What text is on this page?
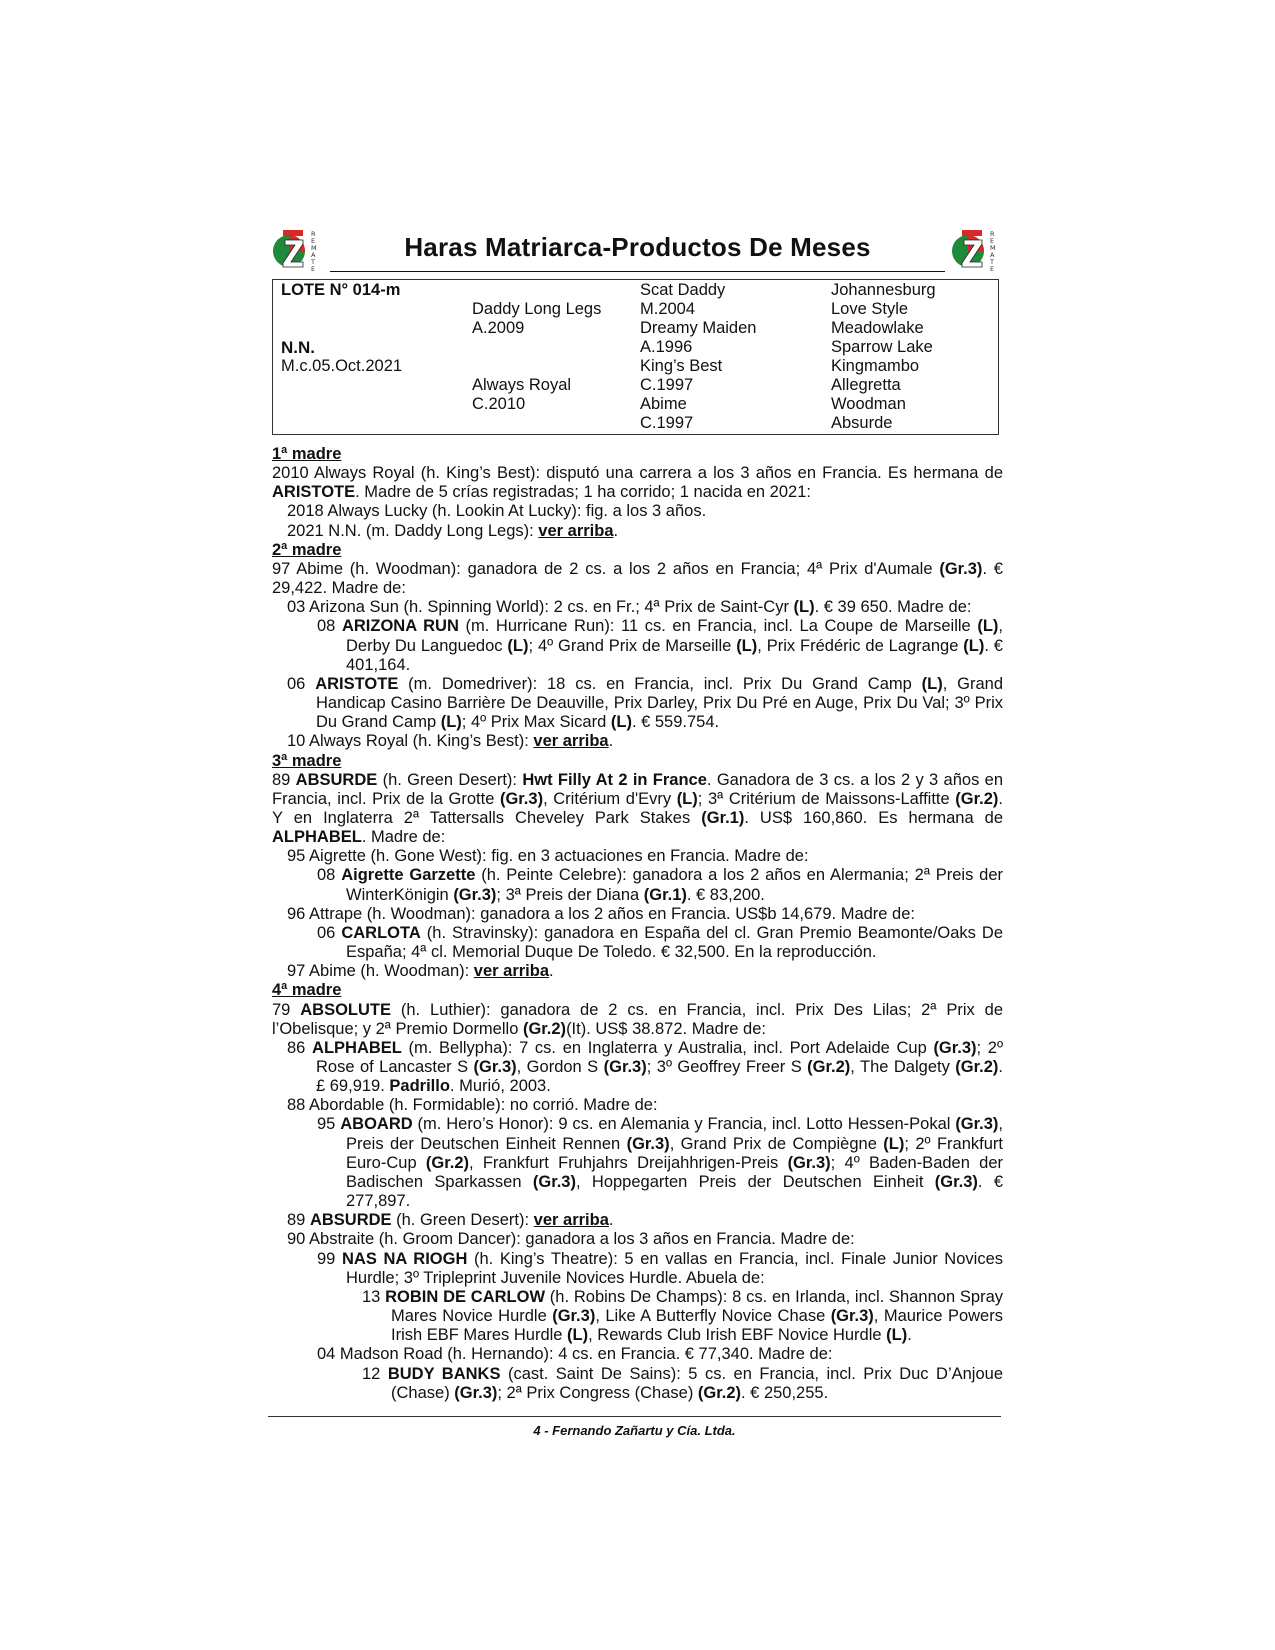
R
E
M
A
T
E
Haras Matriarca-Productos De Meses	R
E
M
A
T
E
LOTE N° 014-m
N.N.
M.c.05.Oct.2021
Daddy Long Legs
A.2009
Always Royal
C.2010
Scat Daddy
M.2004
Dreamy Maiden
A.1996
King’s Best
C.1997
Abime
C.1997
Johannesburg
Love Style
Meadowlake
Sparrow Lake
Kingmambo
Allegretta
Woodman
Absurde
1ª madre
2010 Always Royal (h. King’s Best): disputó una carrera a los 3 años en Francia. Es hermana de ARISTOTE. Madre de 5 crías registradas; 1 ha corrido; 1 nacida en 2021:
2018 Always Lucky (h. Lookin At Lucky): fig. a los 3 años.
2021 N.N. (m. Daddy Long Legs): ver arriba.
2ª madre
97 Abime (h. Woodman): ganadora de 2 cs. a los 2 años en Francia; 4ª Prix d'Aumale (Gr.3). € 29,422. Madre de:
03 Arizona Sun (h. Spinning World): 2 cs. en Fr.; 4ª Prix de Saint-Cyr (L). € 39 650. Madre de:
08 ARIZONA RUN (m. Hurricane Run): 11 cs. en Francia, incl. La Coupe de Marseille (L), Derby Du Languedoc (L); 4º Grand Prix de Marseille (L), Prix Frédéric de Lagrange (L). € 401,164.
06 ARISTOTE (m. Domedriver): 18 cs. en Francia, incl. Prix Du Grand Camp (L), Grand Handicap Casino Barrière De Deauville, Prix Darley, Prix Du Pré en Auge, Prix Du Val; 3º Prix Du Grand Camp (L); 4º Prix Max Sicard (L). € 559.754.
10 Always Royal (h. King’s Best): ver arriba.
3ª madre
89 ABSURDE (h. Green Desert): Hwt Filly At 2 in France. Ganadora de 3 cs. a los 2 y 3 años en Francia, incl. Prix de la Grotte (Gr.3), Critérium d'Evry (L); 3ª Critérium de Maissons-Laffitte (Gr.2). Y en Inglaterra 2ª Tattersalls Cheveley Park Stakes (Gr.1). US$ 160,860. Es hermana de ALPHABEL. Madre de:
95 Aigrette (h. Gone West): fig. en 3 actuaciones en Francia. Madre de:
08 Aigrette Garzette (h. Peinte Celebre): ganadora a los 2 años en Alermania; 2ª Preis der WinterKönigin (Gr.3); 3ª Preis der Diana (Gr.1). € 83,200.
96 Attrape (h. Woodman): ganadora a los 2 años en Francia. US$b 14,679. Madre de:
06 CARLOTA (h. Stravinsky): ganadora en España del cl. Gran Premio Beamonte/Oaks De España; 4ª cl. Memorial Duque De Toledo. € 32,500. En la reproducción.
97 Abime (h. Woodman): ver arriba.
4ª madre
79 ABSOLUTE (h. Luthier): ganadora de 2 cs. en Francia, incl. Prix Des Lilas; 2ª Prix de l’Obelisque; y 2ª Premio Dormello (Gr.2)(It). US$ 38.872. Madre de:
86 ALPHABEL (m. Bellypha): 7 cs. en Inglaterra y Australia, incl. Port Adelaide Cup (Gr.3); 2º Rose of Lancaster S (Gr.3), Gordon S (Gr.3); 3º Geoffrey Freer S (Gr.2), The Dalgety (Gr.2). £ 69,919. Padrillo. Murió, 2003.
88 Abordable (h. Formidable): no corrió. Madre de:
95 ABOARD (m. Hero’s Honor): 9 cs. en Alemania y Francia, incl. Lotto Hessen-Pokal (Gr.3), Preis der Deutschen Einheit Rennen (Gr.3), Grand Prix de Compiègne (L); 2º Frankfurt Euro-Cup (Gr.2), Frankfurt Fruhjahrs Dreijahhrigen-Preis (Gr.3); 4º Baden-Baden der Badischen Sparkassen (Gr.3), Hoppegarten Preis der Deutschen Einheit (Gr.3). € 277,897.
89 ABSURDE (h. Green Desert): ver arriba.
90 Abstraite (h. Groom Dancer): ganadora a los 3 años en Francia. Madre de:
99 NAS NA RIOGH (h. King’s Theatre): 5 en vallas en Francia, incl. Finale Junior Novices Hurdle; 3º Tripleprint Juvenile Novices Hurdle. Abuela de:
13 ROBIN DE CARLOW (h. Robins De Champs): 8 cs. en Irlanda, incl. Shannon Spray Mares Novice Hurdle (Gr.3), Like A Butterfly Novice Chase (Gr.3), Maurice Powers Irish EBF Mares Hurdle (L), Rewards Club Irish EBF Novice Hurdle (L).
04 Madson Road (h. Hernando): 4 cs. en Francia. € 77,340. Madre de:
12 BUDY BANKS (cast. Saint De Sains): 5 cs. en Francia, incl. Prix Duc D’Anjoue (Chase) (Gr.3); 2ª Prix Congress (Chase) (Gr.2). € 250,255.
4 - Fernando Zañartu y Cía. Ltda.
